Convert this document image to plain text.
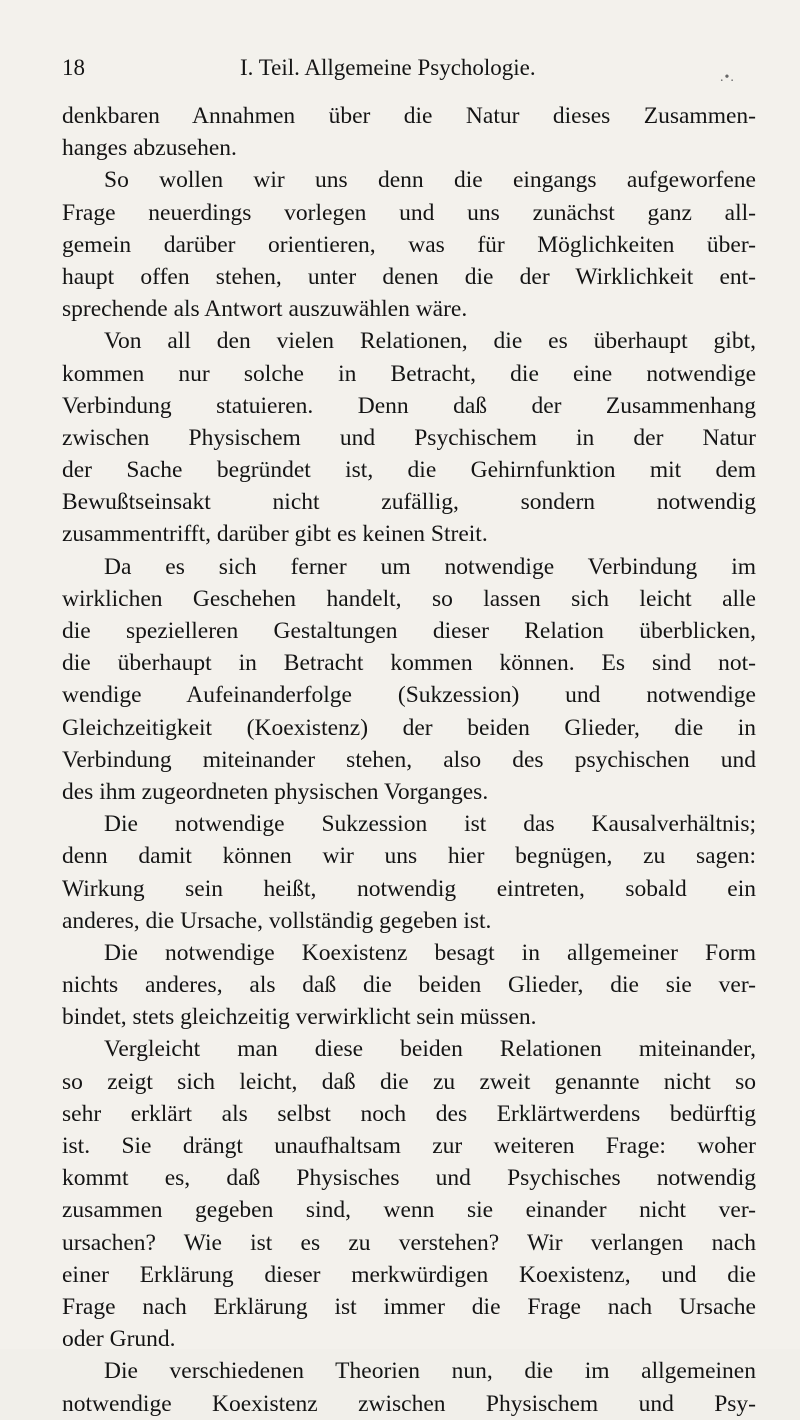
18	I. Teil. Allgemeine Psychologie.	.•.
denkbaren Annahmen über die Natur dieses Zusammen-
hanges abzusehen.
So wollen wir uns denn die eingangs aufgeworfene
Frage neuerdings vorlegen und uns zunächst ganz all-
gemein darüber orientieren, was für Möglichkeiten über-
haupt offen stehen, unter denen die der Wirklichkeit ent-
sprechende als Antwort auszuwählen wäre.
Von all den vielen Relationen, die es überhaupt gibt,
kommen nur solche in Betracht, die eine notwendige
Verbindung statuieren. Denn daß der Zusammenhang
zwischen Physischem und Psychischem in der Natur
der Sache begründet ist, die Gehirnfunktion mit dem
Bewußtseinsakt nicht zufällig, sondern notwendig
zusammentrifft, darüber gibt es keinen Streit.
Da es sich ferner um notwendige Verbindung im
wirklichen Geschehen handelt, so lassen sich leicht alle
die spezielleren Gestaltungen dieser Relation überblicken,
die überhaupt in Betracht kommen können. Es sind not-
wendige Aufeinanderfolge (Sukzession) und notwendige
Gleichzeitigkeit (Koexistenz) der beiden Glieder, die in
Verbindung miteinander stehen, also des psychischen und
des ihm zugeordneten physischen Vorganges.
Die notwendige Sukzession ist das Kausalverhältnis;
denn damit können wir uns hier begnügen, zu sagen:
Wirkung sein heißt, notwendig eintreten, sobald ein
anderes, die Ursache, vollständig gegeben ist.
Die notwendige Koexistenz besagt in allgemeiner Form
nichts anderes, als daß die beiden Glieder, die sie ver-
bindet, stets gleichzeitig verwirklicht sein müssen.
Vergleicht man diese beiden Relationen miteinander,
so zeigt sich leicht, daß die zu zweit genannte nicht so
sehr erklärt als selbst noch des Erklärtwerdens bedürftig
ist. Sie drängt unaufhaltsam zur weiteren Frage: woher
kommt es, daß Physisches und Psychisches notwendig
zusammen gegeben sind, wenn sie einander nicht ver-
ursachen? Wie ist es zu verstehen? Wir verlangen nach
einer Erklärung dieser merkwürdigen Koexistenz, und die
Frage nach Erklärung ist immer die Frage nach Ursache
oder Grund.
Die verschiedenen Theorien nun, die im allgemeinen
notwendige Koexistenz zwischen Physischem und Psy-
